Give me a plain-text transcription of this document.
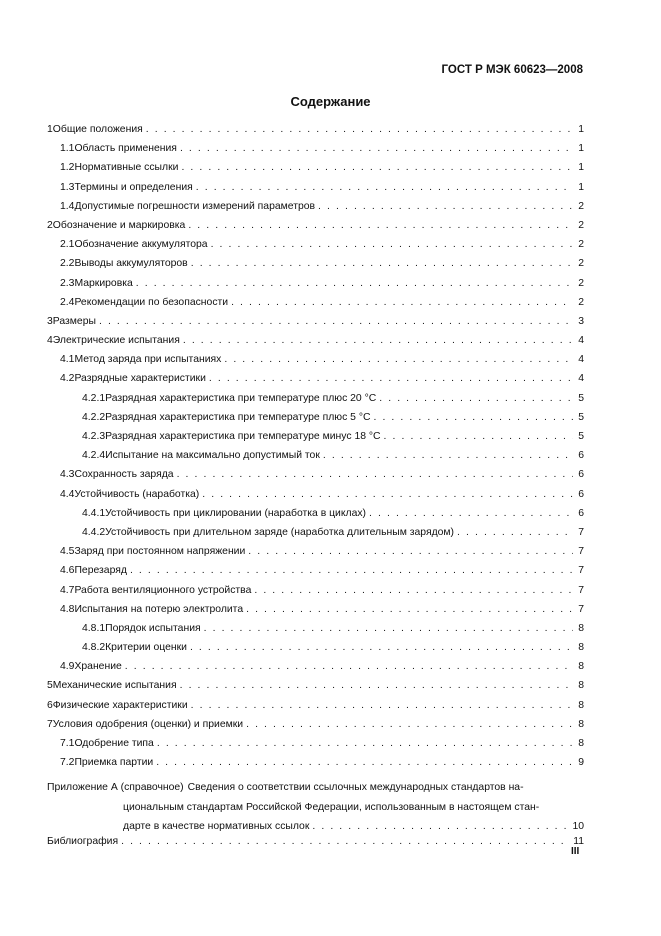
ГОСТ Р МЭК 60623—2008
Содержание
1 Общие положения . . .	1
1.1 Область применения . . .	1
1.2 Нормативные ссылки . . .	1
1.3 Термины и определения . . .	1
1.4 Допустимые погрешности измерений параметров . . .	2
2 Обозначение и маркировка . . .	2
2.1 Обозначение аккумулятора . . .	2
2.2 Выводы аккумуляторов . . .	2
2.3 Маркировка . . .	2
2.4 Рекомендации по безопасности . . .	2
3 Размеры . . .	3
4 Электрические испытания . . .	4
4.1 Метод заряда при испытаниях . . .	4
4.2 Разрядные характеристики . . .	4
4.2.1 Разрядная характеристика при температуре плюс 20 °С . . .	5
4.2.2 Разрядная характеристика при температуре плюс 5 °С . . .	5
4.2.3 Разрядная характеристика при температуре минус 18 °С . . .	5
4.2.4 Испытание на максимально допустимый ток . . .	6
4.3 Сохранность заряда . . .	6
4.4 Устойчивость (наработка) . . .	6
4.4.1 Устойчивость при циклировании (наработка в циклах) . . .	6
4.4.2 Устойчивость при длительном заряде (наработка длительным зарядом) . . .	7
4.5 Заряд при постоянном напряжении . . .	7
4.6 Перезаряд . . .	7
4.7 Работа вентиляционного устройства . . .	7
4.8 Испытания на потерю электролита . . .	7
4.8.1 Порядок испытания . . .	8
4.8.2 Критерии оценки . . .	8
4.9 Хранение . . .	8
5 Механические испытания . . .	8
6 Физические характеристики . . .	8
7 Условия одобрения (оценки) и приемки . . .	8
7.1 Одобрение типа . . .	8
7.2 Приемка партии . . .	9
Приложение А (справочное) Сведения о соответствии ссылочных международных стандартов на-
циональным стандартам Российской Федерации, использованным в настоящем стан-
дарте в качестве нормативных ссылок . . .	10
Библиография . . .	11
III
